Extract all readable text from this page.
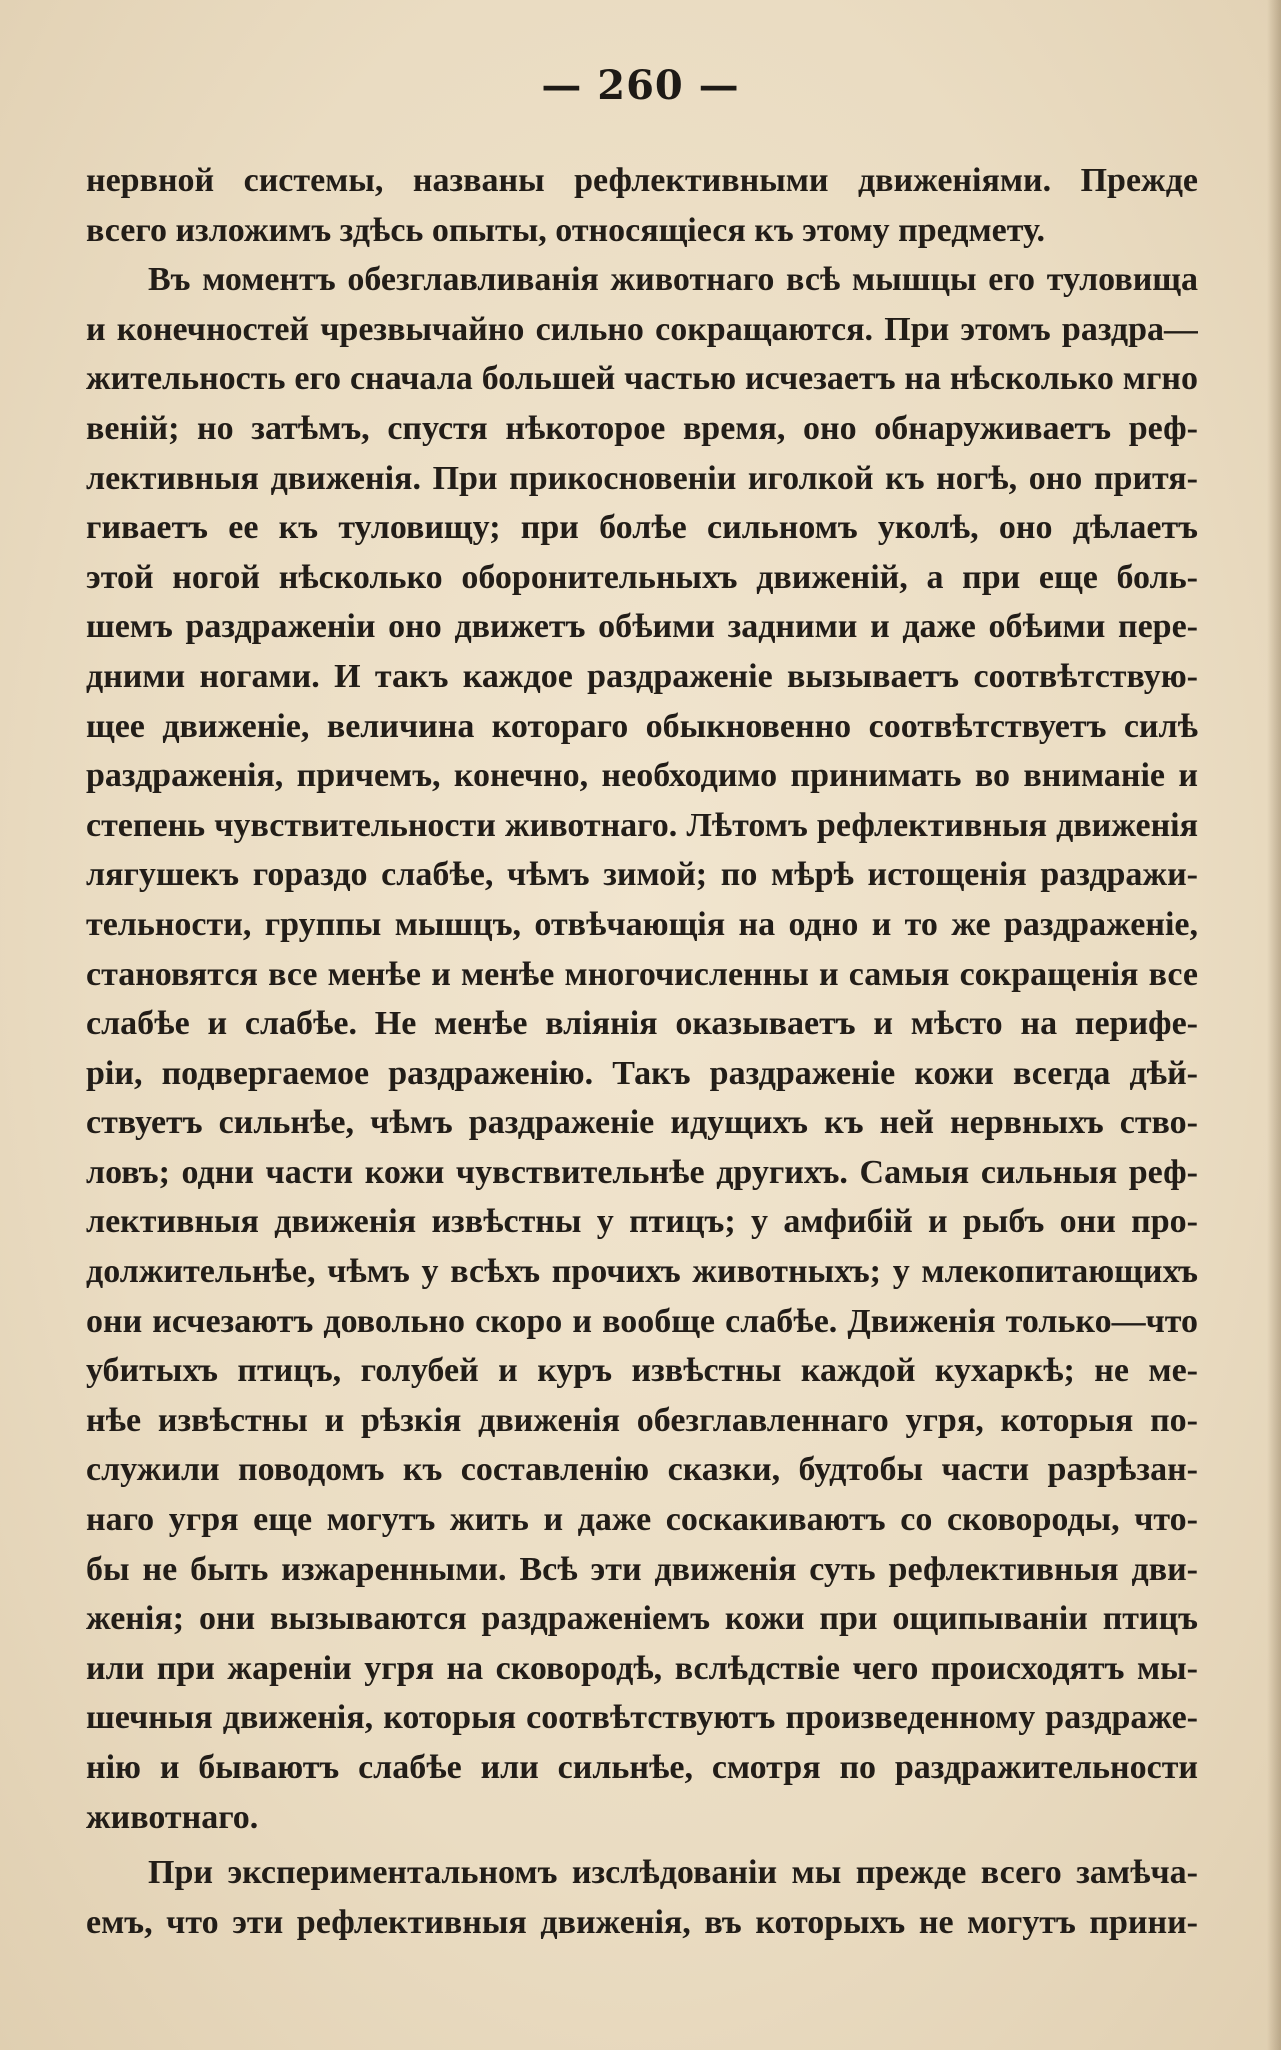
— 260 —
нервной системы, названы рефлективными движеніями. Прежде
всего изложимъ здѣсь опыты, относящіеся къ этому предмету.
Въ моментъ обезглавливанія животнаго всѣ мышцы его туловища
и конечностей чрезвычайно сильно сокращаются. При этомъ раздра—
жительность его сначала большей частью исчезаетъ на нѣсколько мгно
веній; но затѣмъ, спустя нѣкоторое время, оно обнаруживаетъ реф-
лективныя движенія. При прикосновеніи иголкой къ ногѣ, оно притя-
гиваетъ ее къ туловищу; при болѣе сильномъ уколѣ, оно дѣлаетъ
этой ногой нѣсколько оборонительныхъ движеній, а при еще боль-
шемъ раздраженіи оно движетъ обѣими задними и даже обѣими пере-
дними ногами. И такъ каждое раздраженіе вызываетъ соотвѣтствую-
щее движеніе, величина котораго обыкновенно соотвѣтствуетъ силѣ
раздраженія, причемъ, конечно, необходимо принимать во вниманіе и
степень чувствительности животнаго. Лѣтомъ рефлективныя движенія
лягушекъ гораздо слабѣе, чѣмъ зимой; по мѣрѣ истощенія раздражи-
тельности, группы мышцъ, отвѣчающія на одно и то же раздраженіе,
становятся все менѣе и менѣе многочисленны и самыя сокращенія все
слабѣе и слабѣе. Не менѣе вліянія оказываетъ и мѣсто на перифе-
ріи, подвергаемое раздраженію. Такъ раздраженіе кожи всегда дѣй-
ствуетъ сильнѣе, чѣмъ раздраженіе идущихъ къ ней нервныхъ ство-
ловъ; одни части кожи чувствительнѣе другихъ. Самыя сильныя реф-
лективныя движенія извѣстны у птицъ; у амфибій и рыбъ они про-
должительнѣе, чѣмъ у всѣхъ прочихъ животныхъ; у млекопитающихъ
они исчезаютъ довольно скоро и вообще слабѣе. Движенія только—что
убитыхъ птицъ, голубей и куръ извѣстны каждой кухаркѣ; не ме-
нѣе извѣстны и рѣзкія движенія обезглавленнаго угря, которыя по-
служили поводомъ къ составленію сказки, будтобы части разрѣзан-
наго угря еще могутъ жить и даже соскакиваютъ со сковороды, что-
бы не быть изжаренными. Всѣ эти движенія суть рефлективныя дви-
женія; они вызываются раздраженіемъ кожи при ощипываніи птицъ
или при жареніи угря на сковородѣ, вслѣдствіе чего происходятъ мы-
шечныя движенія, которыя соотвѣтствуютъ произведенному раздраже-
нію и бываютъ слабѣе или сильнѣе, смотря по раздражительности
животнаго.
При экспериментальномъ изслѣдованіи мы прежде всего замѣча-
емъ, что эти рефлективныя движенія, въ которыхъ не могутъ прини-
